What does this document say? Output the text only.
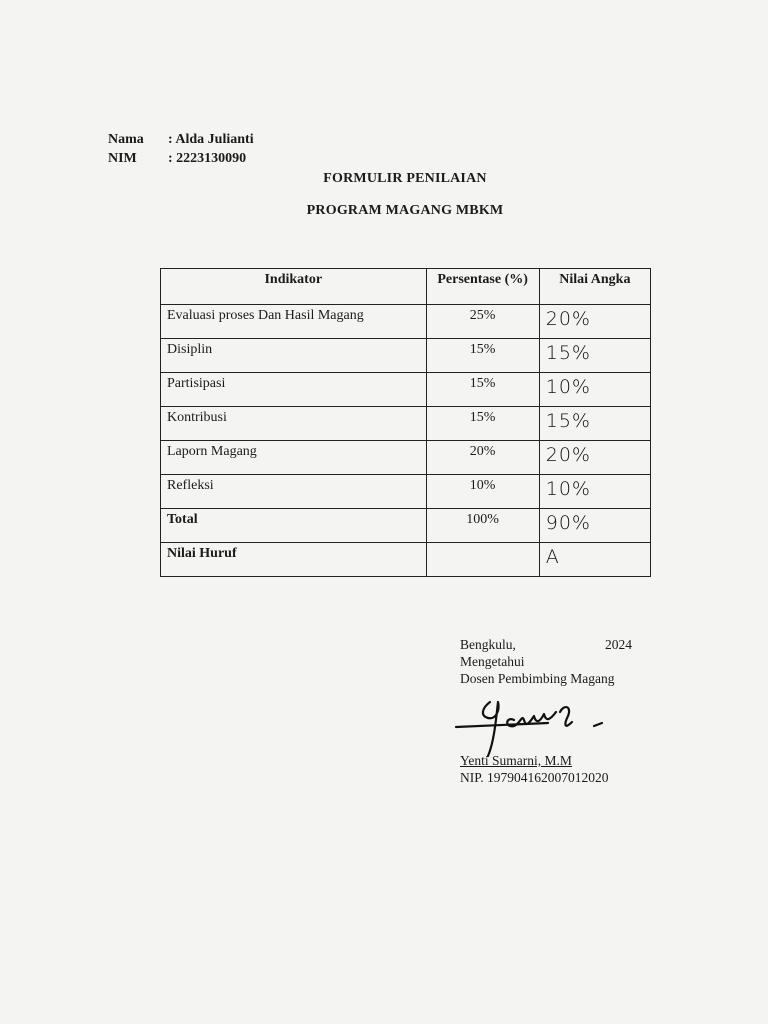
Nama	: Alda Julianti
NIM	: 2223130090
FORMULIR PENILAIAN
PROGRAM MAGANG MBKM
Indikator	Persentase (%)	Nilai Angka
Evaluasi proses Dan Hasil Magang	25%	20%
Disiplin	15%	15%
Partisipasi	15%	10%
Kontribusi	15%	15%
Laporn Magang	20%	20%
Refleksi	10%	10%
Total	100%	90%
Nilai Huruf		A
Bengkulu,	2024
Mengetahui
Dosen Pembimbing Magang
Yenti Sumarni, M.M
NIP. 197904162007012020
